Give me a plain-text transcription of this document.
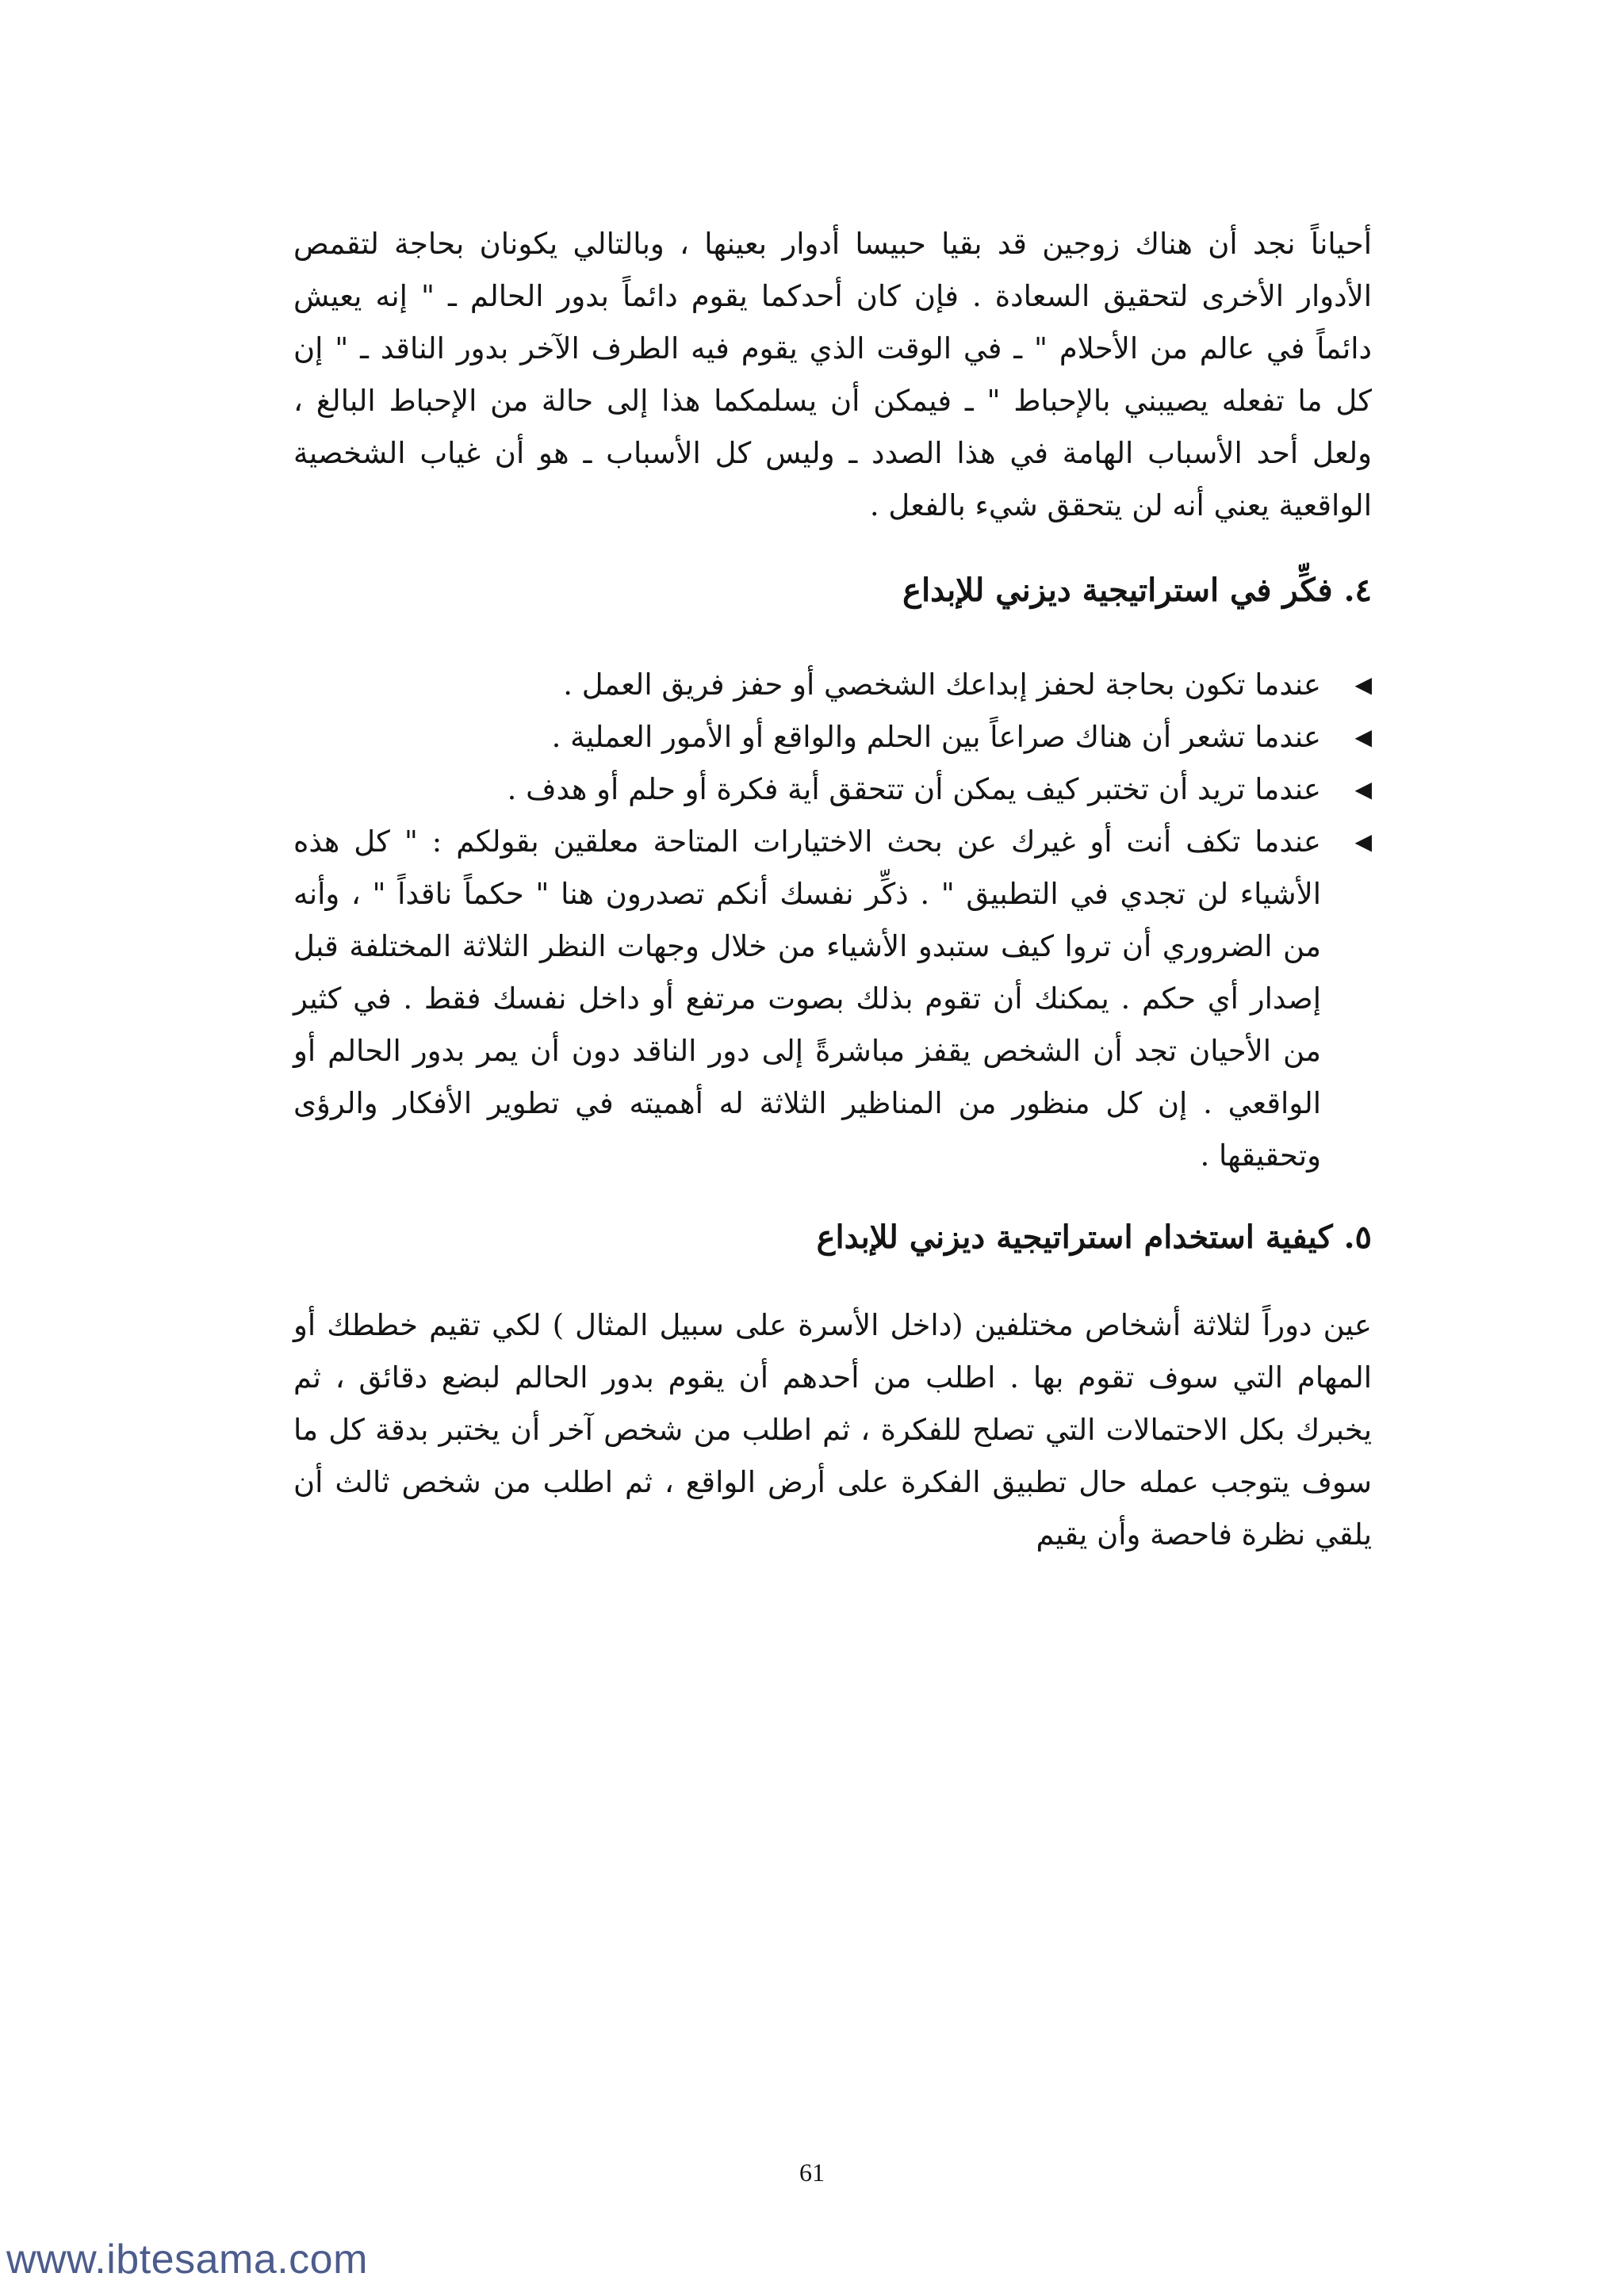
أحياناً نجد أن هناك زوجين قد بقيا حبيسا أدوار بعينها ، وبالتالي يكونان بحاجة لتقمص الأدوار الأخرى لتحقيق السعادة . فإن كان أحدكما يقوم دائماً بدور الحالم ـ " إنه يعيش دائماً في عالم من الأحلام " ـ في الوقت الذي يقوم فيه الطرف الآخر بدور الناقد ـ " إن كل ما تفعله يصيبني بالإحباط " ـ فيمكن أن يسلمكما هذا إلى حالة من الإحباط البالغ ، ولعل أحد الأسباب الهامة في هذا الصدد ـ وليس كل الأسباب ـ هو أن غياب الشخصية الواقعية يعني أنه لن يتحقق شيء بالفعل .

٤. فكِّر في استراتيجية ديزني للإبداع
◀
عندما تكون بحاجة لحفز إبداعك الشخصي أو حفز فريق العمل .
◀
عندما تشعر أن هناك صراعاً بين الحلم والواقع أو الأمور العملية .
◀
عندما تريد أن تختبر كيف يمكن أن تتحقق أية فكرة أو حلم أو هدف .
◀
عندما تكف أنت أو غيرك عن بحث الاختيارات المتاحة معلقين بقولكم : " كل هذه الأشياء لن تجدي في التطبيق " . ذكِّر نفسك أنكم تصدرون هنا " حكماً ناقداً " ، وأنه من الضروري أن تروا كيف ستبدو الأشياء من خلال وجهات النظر الثلاثة المختلفة قبل إصدار أي حكم . يمكنك أن تقوم بذلك بصوت مرتفع أو داخل نفسك فقط . في كثير من الأحيان تجد أن الشخص يقفز مباشرةً إلى دور الناقد دون أن يمر بدور الحالم أو الواقعي . إن كل منظور من المناظير الثلاثة له أهميته في تطوير الأفكار والرؤى وتحقيقها .
٥. كيفية استخدام استراتيجية ديزني للإبداع

عين دوراً لثلاثة أشخاص مختلفين (داخل الأسرة على سبيل المثال ) لكي تقيم خططك أو المهام التي سوف تقوم بها . اطلب من أحدهم أن يقوم بدور الحالم لبضع دقائق ، ثم يخبرك بكل الاحتمالات التي تصلح للفكرة ، ثم اطلب من شخص آخر أن يختبر بدقة كل ما سوف يتوجب عمله حال تطبيق الفكرة على أرض الواقع ، ثم اطلب من شخص ثالث أن يلقي نظرة فاحصة وأن يقيم

61
www.ibtesama.com
